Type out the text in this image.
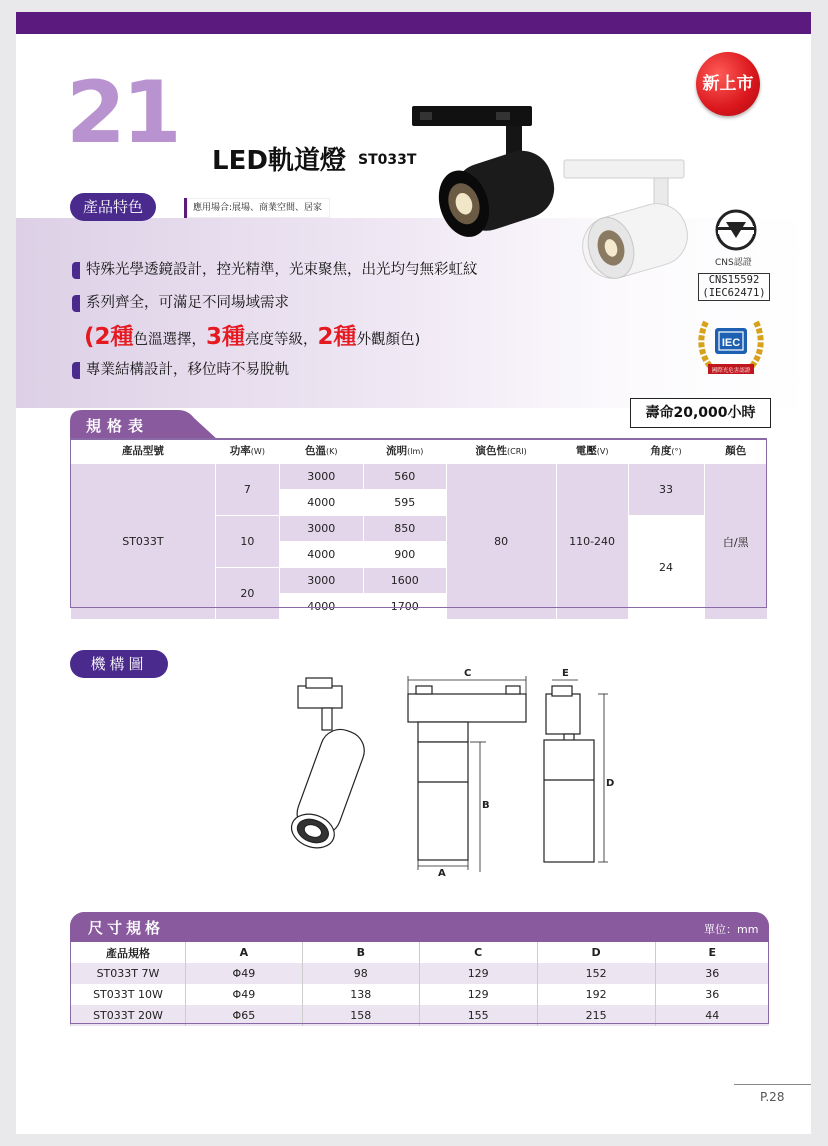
21 LED軌道燈 ST033T
產品特色	應用場合:展場、商業空間、居家
新上市
CNS認證
CNS15592
(IEC62471)
IEC
國際光危害認證
特殊光學透鏡設計，控光精準，光束聚焦，出光均勻無彩虹紋
系列齊全，可滿足不同場域需求
(2種色溫選擇，3種亮度等級，2種外觀顏色)
專業結構設計，移位時不易脫軌
壽命20,000小時
規格表
產品型號	功率(W)	色溫(K)	流明(lm)	演色性(CRI)	電壓(V)	角度(°)	顏色
ST033T	7	3000	560	80	110-240	33	白/黑
		4000	595				
	10	3000	850			24	
		4000	900				
	20	3000	1600				
		4000	1700				
機構圖
C
B
A
E
D
尺寸規格	單位：mm
產品規格	A	B	C	D	E
ST033T 7W	Φ49	98	129	152	36
ST033T 10W	Φ49	138	129	192	36
ST033T 20W	Φ65	158	155	215	44
P.28
